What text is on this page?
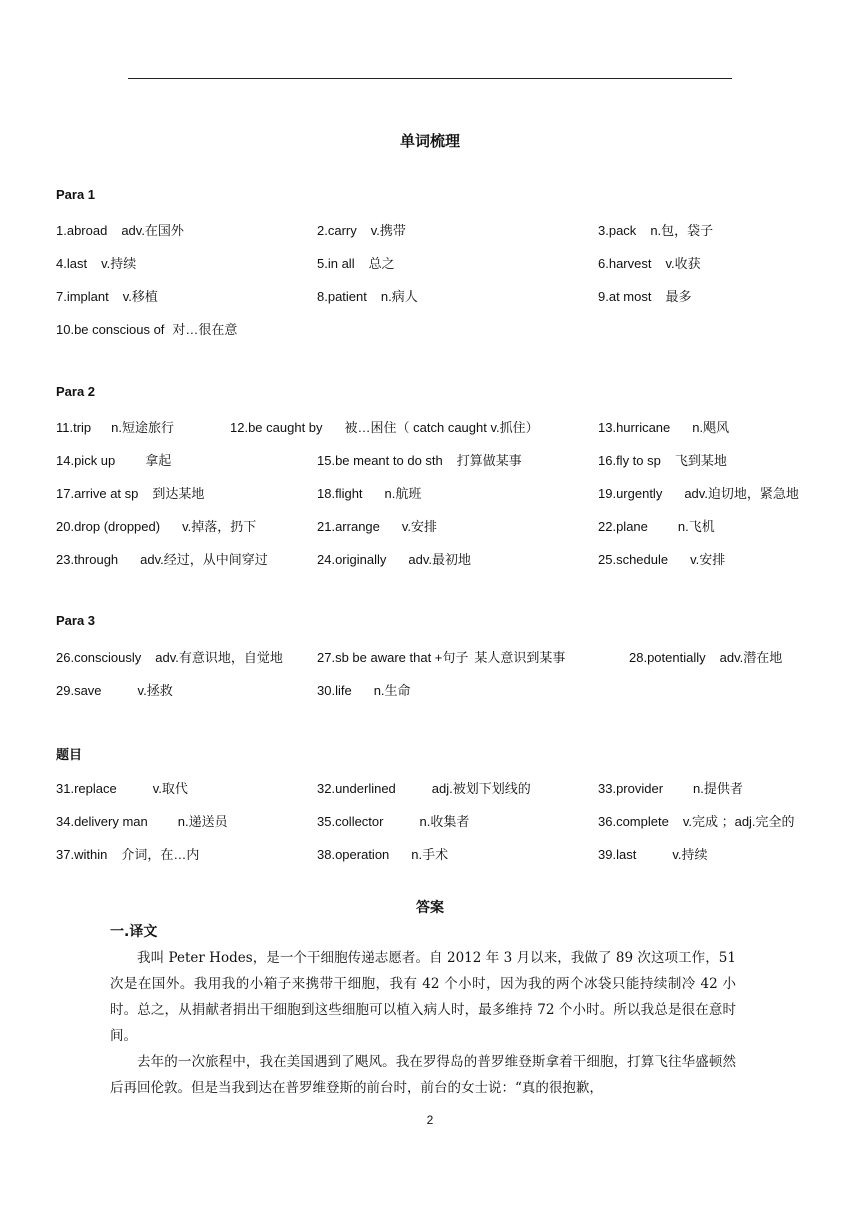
单词梳理
Para 1
Para 2
Para 3
题目
1.abroad adv.在国外	2.carry v.携带	3.pack n.包，袋子
4.last v.持续	5.in all 总之	6.harvest v.收获
7.implant v.移植	8.patient n.病人	9.at most 最多
10.be conscious of 对…很在意
11.trip n.短途旅行	12.be caught by 被…困住（ catch caught v.抓住）	13.hurricane n.飓风
14.pick up 拿起	15.be meant to do sth 打算做某事	16.fly to sp 飞到某地
17.arrive at sp 到达某地	18.flight n.航班	19.urgently adv.迫切地，紧急地
20.drop (dropped) v.掉落，扔下	21.arrange v.安排	22.plane n.飞机
23.through adv.经过，从中间穿过	24.originally adv.最初地	25.schedule v.安排
26.consciously adv.有意识地，自觉地	27.sb be aware that +句子 某人意识到某事	28.potentially adv.潜在地
29.save	v.拯救	30.life n.生命
31.replace	v.取代	32.underlined	adj.被划下划线的	33.provider n.提供者
34.delivery man n.递送员	35.collector	n.收集者	36.complete v.完成 ；adj.完全的
37.within 介词，在…内	38.operation n.手术	39.last	v.持续
答案
一.译文

我叫 Peter Hodes，是一个干细胞传递志愿者。自 2012 年 3 月以来，我做了 89 次这项工作，51 次是在国外。我用我的小箱子来携带干细胞，我有 42 个小时，因为我的两个冰袋只能持续制冷 42 小时。总之，从捐献者捐出干细胞到这些细胞可以植入病人时，最多维持 72 个小时。所以我总是很在意时间。

去年的一次旅程中，我在美国遇到了飓风。我在罗得岛的普罗维登斯拿着干细胞，打算飞往华盛顿然后再回伦敦。但是当我到达在普罗维登斯的前台时，前台的女士说：“真的很抱歉，

2
